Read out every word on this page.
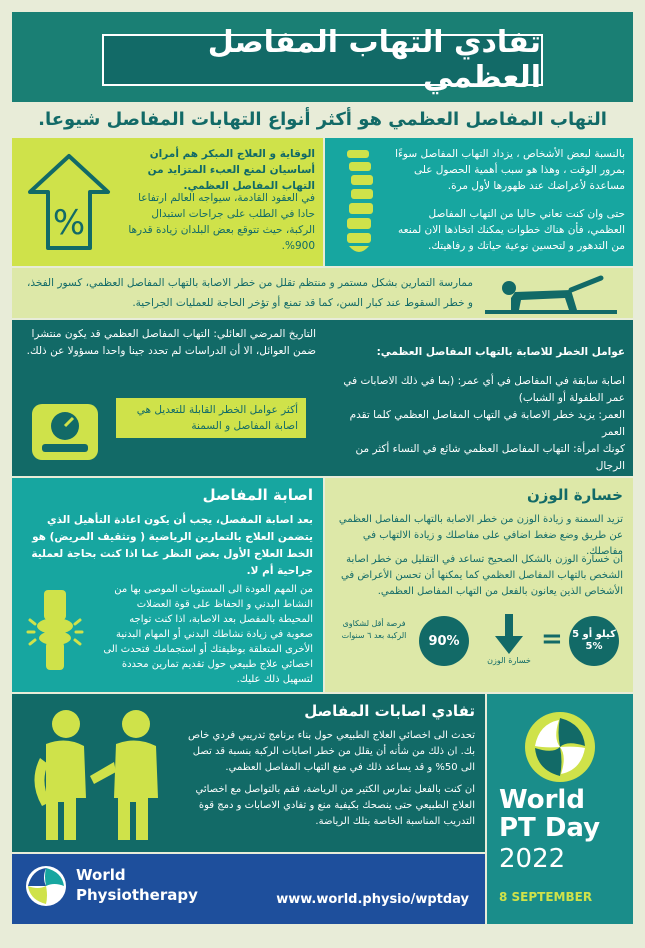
تفادي التهاب المفاصل العظمي
التهاب المفاصل العظمي هو أكثر أنواع التهابات المفاصل شيوعا.
الوقاية و العلاج المبكر هم أمران أساسيان لمنع العبء المتزايد من التهاب المفاصل العظمي.
في العقود القادمة، سيواجه العالم ارتفاعا حادا في الطلب على جراحات استبدال الركبة، حيث تتوقع بعض البلدان زيادة قدرها 900%.
%
بالنسبة لبعض الأشخاص ، يزداد التهاب المفاصل سوءًا بمرور الوقت ، وهذا هو سبب أهمية الحصول على مساعدة لأعراضك عند ظهورها لأول مرة.
حتى وان كنت تعاني حاليا من التهاب المفاصل العظمي، فأن هناك خطوات يمكنك اتخاذها الان لمنعه من التدهور و لتحسين نوعية حياتك و رفاهيتك.
ممارسة التمارين بشكل مستمر و منتظم تقلل من خطر الاصابة بالتهاب المفاصل العظمي، كسور الفخذ، و خطر السقوط عند كبار السن، كما قد تمنع أو تؤخر الحاجة للعمليات الجراحية.
عوامل الخطر للاصابة بالتهاب المفاصل العظمي:
اصابة سابقة في المفاصل في أي عمر: (بما في ذلك الاصابات في عمر الطفولة أو الشباب)
العمر: يزيد خطر الاصابة في التهاب المفاصل العظمي كلما تقدم العمر
كونك امرأة: التهاب المفاصل العظمي شائع في النساء أكثر من الرجال
التاريخ المرضي العائلي: التهاب المفاصل العظمي قد يكون منتشرا ضمن العوائل، الا أن الدراسات لم تحدد جينا واحدا مسؤولا عن ذلك.
أكثر عوامل الخطر القابلة للتعديل هي اصابة المفاصل و السمنة
اصابة المفاصل
بعد اصابة المفصل، يجب أن يكون اعادة التأهيل الذي يتضمن العلاج بالتمارين الرياضية ( وتثقيف المريض) هو الخط العلاج الأول بغض النظر عما اذا كنت بحاجة لعملية جراحية أم لا.
من المهم العودة الى المستويات الموصى بها من النشاط البدني و الحفاظ على قوة العضلات المحيطة بالمفصل بعد الاصابة، اذا كنت تواجه صعوبة في زيادة نشاطك البدني أو المهام البدنية الأخرى المتعلقة بوظيفتك أو استجمامك فتحدث الى اخصائي علاج طبيعي حول تقديم تمارين محددة لتسهيل ذلك عليك.
خسارة الوزن
تزيد السمنة و زيادة الوزن من خطر الاصابة بالتهاب المفاصل العظمي عن طريق وضع ضغط اضافي على مفاصلك و زيادة الالتهاب في مفاصلك.
ان خسارة الوزن بالشكل الصحيح تساعد في التقليل من خطر اصابة الشخص بالتهاب المفاصل العظمي كما يمكنها أن تحسن الأعراض في الأشخاص الذين يعانون بالفعل من التهاب المفاصل العظمي.
5 كيلو أو 5%
=
خسارة الوزن
90%
فرصة أقل لشكاوى الركبة بعد ٦ سنوات
تفادي اصابات المفاصل
تحدث الى اخصائي العلاج الطبيعي حول بناء برنامج تدريبي فردي خاص بك. ان ذلك من شأنه أن يقلل من خطر اصابات الركبة بنسبة قد تصل الى 50% و قد يساعد ذلك في منع التهاب المفاصل العظمي.
ان كنت بالفعل تمارس الكثير من الرياضة، فقم بالتواصل مع اخصائي العلاج الطبيعي حتى ينصحك بكيفية منع و تفادي الاصابات و دمج قوة التدريب المناسبة الخاصة بتلك الرياضة.
World
PT Day
2022
8 SEPTEMBER
World
Physiotherapy	www.world.physio/wptday
